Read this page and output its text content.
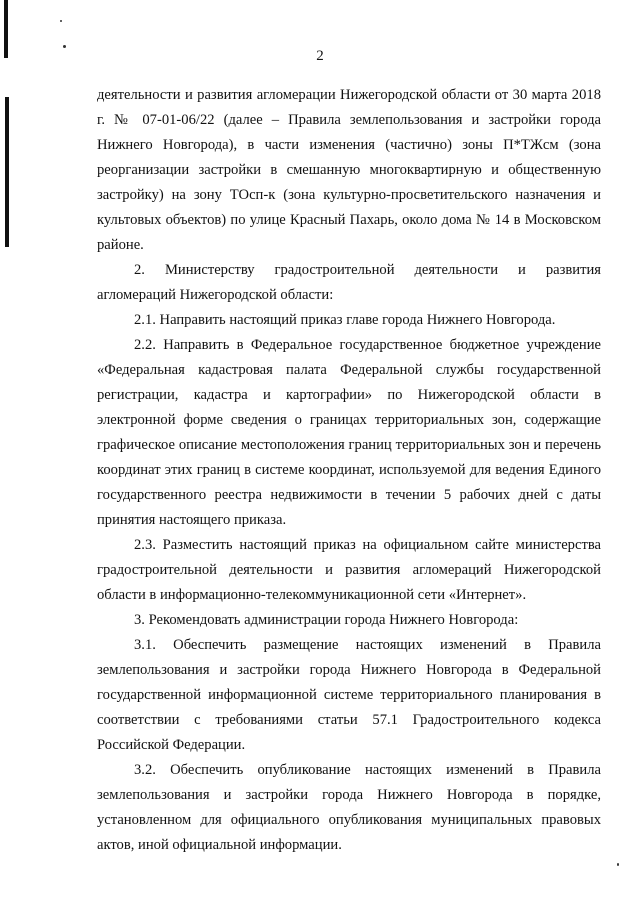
2

деятельности и развития агломерации Нижегородской области от 30 марта 2018 г. № 07-01-06/22 (далее – Правила землепользования и застройки города Нижнего Новгорода), в части изменения (частично) зоны П*ТЖсм (зона реорганизации застройки в смешанную многоквартирную и общественную застройку) на зону ТОсп-к (зона культурно-просветительского назначения и культовых объектов) по улице Красный Пахарь, около дома № 14 в Московском районе.

2. Министерству градостроительной деятельности и развития агломераций Нижегородской области:

2.1. Направить настоящий приказ главе города Нижнего Новгорода.

2.2. Направить в Федеральное государственное бюджетное учреждение «Федеральная кадастровая палата Федеральной службы государственной регистрации, кадастра и картографии» по Нижегородской области в электронной форме сведения о границах территориальных зон, содержащие графическое описание местоположения границ территориальных зон и перечень координат этих границ в системе координат, используемой для ведения Единого государственного реестра недвижимости в течении 5 рабочих дней с даты принятия настоящего приказа.

2.3. Разместить настоящий приказ на официальном сайте министерства градостроительной деятельности и развития агломераций Нижегородской области в информационно-телекоммуникационной сети «Интернет».

3. Рекомендовать администрации города Нижнего Новгорода:

3.1. Обеспечить размещение настоящих изменений в Правила землепользования и застройки города Нижнего Новгорода в Федеральной государственной информационной системе территориального планирования в соответствии с требованиями статьи 57.1 Градостроительного кодекса Российской Федерации.

3.2. Обеспечить опубликование настоящих изменений в Правила землепользования и застройки города Нижнего Новгорода в порядке, установленном для официального опубликования муниципальных правовых актов, иной официальной информации.
